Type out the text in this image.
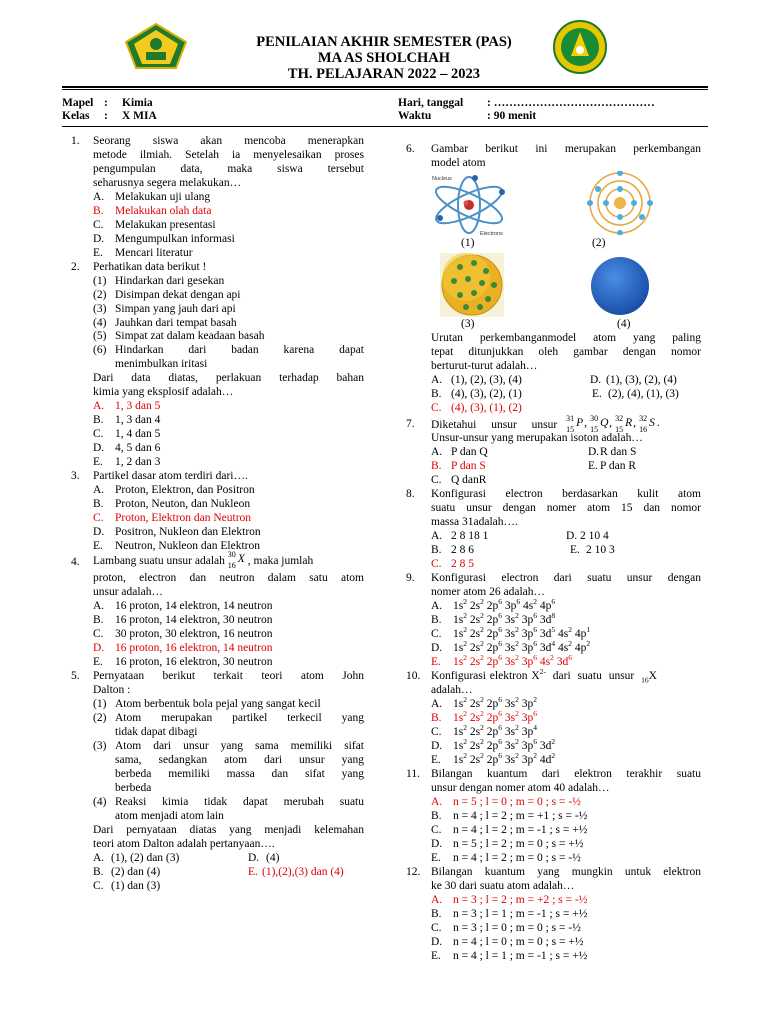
PENILAIAN AKHIR SEMESTER (PAS)
MA AS SHOLCHAH
TH. PELAJARAN 2022 – 2023
Mapel : Kimia
Kelas : X MIA
Hari, tanggal : ……………………………………
Waktu	: 90 menit
1. Seorang siswa akan mencoba menerapkan
metode ilmiah. Setelah ia menyelesaikan proses
pengumpulan data, maka siswa tersebut
seharusnya segera melakukan…
A. Melakukan uji ulang
B. Melakukan olah data
C. Melakukan presentasi
D. Mengumpulkan informasi
E. Mencari literatur
2. Perhatikan data berikut !
(1) Hindarkan dari gesekan
(2) Disimpan dekat dengan api
(3) Simpan yang jauh dari api
(4) Jauhkan dari tempat basah
(5) Simpat zat dalam keadaan basah
(6) Hindarkan dari badan karena dapat
menimbulkan iritasi
Dari data diatas, perlakuan terhadap bahan
kimia yang eksplosif adalah…
A. 1, 3 dan 5
B. 1, 3 dan 4
C. 1, 4 dan 5
D. 4, 5 dan 6
E. 1, 2 dan 3
3. Partikel dasar atom terdiri dari….
A. Proton, Elektron, dan Positron
B. Proton, Neuton, dan Nukleon
C. Proton, Elektron dan Neutron
D. Positron, Nukleon dan Elektron
E. Neutron, Nukleon dan Elektron
4. Lambang suatu unsur adalah
30
16
X , maka jumlah
proton, electron dan neutron dalam satu atom
unsur adalah…
A. 16 proton, 14 elektron, 14 neutron
B. 16 proton, 14 elektron, 30 neutron
C. 30 proton, 30 elektron, 16 neutron
D. 16 proton, 16 elektron, 14 neutron
E. 16 proton, 16 elektron, 30 neutron
5. Pernyataan berikut terkait teori atom John
Dalton :
(1) Atom berbentuk bola pejal yang sangat kecil
(2) Atom merupakan partikel terkecil yang
tidak dapat dibagi
(3) Atom dari unsur yang sama memiliki sifat
sama, sedangkan atom dari unsur yang
berbeda memiliki massa dan sifat yang
berbeda
(4) Reaksi kimia tidak dapat merubah suatu
atom menjadi atom lain
Dari pernyataan diatas yang menjadi kelemahan
teori atom Dalton adalah pertanyaan….
A. (1), (2) dan (3)	D. (4)
B. (2) dan (4)	E. (1),(2),(3) dan (4)
C. (1) dan (3)
6. Gambar berikut ini merupakan perkembangan
model atom
Nucleus
Electrons
(1)	(2)
(3)	(4)
Urutan perkembanganmodel atom yang paling
tepat ditunjukkan oleh gambar dengan nomor
berturut-turut adalah…
A. (1), (2), (3), (4)	D. (1), (3), (2), (4)
B. (4), (3), (2), (1)	E. (2), (4), (1), (3)
C. (4), (3), (1), (2)
7. Diketahui unsur unsur
31
15
P , 30
15
Q , 32
15
R , 32
16
S .
Unsur-unsur yang merupakan isoton adalah…
A. P dan Q	D. R dan S
B. P dan S	E. P dan R
C. Q danR
8. Konfigurasi electron berdasarkan kulit atom
suatu unsur dengan nomer atom 15 dan nomor
massa 31adalah….
A. 2 8 18 1	D. 2 10 4
B. 2 8 6	E. 2 10 3
C. 2 8 5
9. Konfigurasi electron dari suatu unsur dengan
nomer atom 26 adalah…
A. $1s^2$ $2s^2$ $2p^6$ $3p^6$ $4s^2$ $4p^6$
B. $1s^2$ $2s^2$ $2p^6$ $3s^2$ $3p^6$ $3d^8$
C. $1s^2$ $2s^2$ $2p^6$ $3s^2$ $3p^6$ $3d^5$ $4s^2$ $4p^1$
D. $1s^2$ $2s^2$ $2p^6$ $3s^2$ $3p^6$ $3d^4$ $4s^2$ $4p^2$
E. $1s^2$ $2s^2$ $2p^6$ $3s^2$ $3p^6$ $4s^2$ $3d^6$
10. Konfigurasi elektron $X^{2-}$ dari suatu unsur $_{16}$X
adalah…
A. $1s^2$ $2s^2$ $2p^6$ $3s^2$ $3p^2$
B. $1s^2$ $2s^2$ $2p^6$ $3s^2$ $3p^6$
C. $1s^2$ $2s^2$ $2p^6$ $3s^2$ $3p^4$
D. $1s^2$ $2s^2$ $2p^6$ $3s^2$ $3p^6$ $3d^2$
E. $1s^2$ $2s^2$ $2p^6$ $3s^2$ $3p^2$ $4d^2$
11. Bilangan kuantum dari elektron terakhir suatu
unsur dengan nomer atom 40 adalah…
A. n = 5 ; l = 0 ; m = 0 ; s = -½
B. n = 4 ; l = 2 ; m = +1 ; s = -½
C. n = 4 ; l = 2 ; m = -1 ; s = +½
D. n = 5 ; l = 2 ; m = 0 ; s = +½
E. n = 4 ; l = 2 ; m = 0 ; s = -½
12. Bilangan kuantum yang mungkin untuk elektron
ke 30 dari suatu atom adalah…
A. n = 3 ; l = 2 ; m = +2 ; s = -½
B. n = 3 ; l = 1 ; m = -1 ; s = +½
C. n = 3 ; l = 0 ; m = 0 ; s = -½
D. n = 4 ; l = 0 ; m = 0 ; s = +½
E. n = 4 ; l = 1 ; m = -1 ; s = +½
